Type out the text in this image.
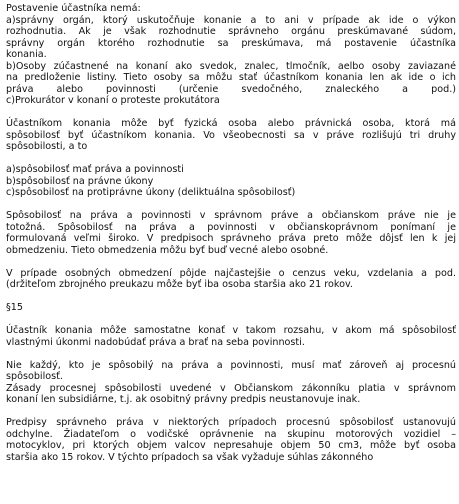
Postavenie účastníka nemá:
a)správny orgán, ktorý uskutočňuje konanie a to ani v prípade ak ide o výkon
rozhodnutia. Ak je však rozhodnutie správneho orgánu preskúmavané súdom,
správny orgán ktorého rozhodnutie sa preskúmava, má postavenie účastníka
konania.
b)Osoby zúčastnené na konaní ako svedok, znalec, tlmočník, aelbo osoby zaviazané
na predloženie listiny. Tieto osoby sa môžu stať účastníkom konania len ak ide o ich
práva alebo povinnosti (určenie svedočného, znaleckého a pod.)
c)Prokurátor v konaní o proteste prokutátora
Účastníkom konania môže byť fyzická osoba alebo právnická osoba, ktorá má
spôsobilosť byť účastníkom konania. Vo všeobecnosti sa v práve rozlišujú tri druhy
spôsobilosti, a to
a)spôsobilosť mať práva a povinnosti
b)spôsobilosť na právne úkony
c)spôsobilosť na protiprávne úkony (deliktuálna spôsobilosť)
Spôsobilosť na práva a povinnosti v správnom práve a občianskom práve nie je
totožná. Spôsobilosť na práva a povinnosti v občianskoprávnom ponímaní je
formulovaná veľmi široko. V predpisoch správneho práva preto môže dôjsť len k jej
obmedzeniu. Tieto obmedzenia môžu byť buď vecné alebo osobné.
V prípade osobných obmedzení pôjde najčastejšie o cenzus veku, vzdelania a pod.
(držiteľom zbrojného preukazu môže byť iba osoba staršia ako 21 rokov.
§15
Účastník konania môže samostatne konať v takom rozsahu, v akom má spôsobilosť
vlastnými úkonmi nadobúdať práva a brať na seba povinnosti.
Nie každý, kto je spôsobilý na práva a povinnosti, musí mať zároveň aj procesnú
spôsobilosť.
Zásady procesnej spôsobilosti uvedené v Občianskom zákonníku platia v správnom
konaní len subsidiárne, t.j. ak osobitný právny predpis neustanovuje inak.
Predpisy správneho práva v niektorých prípadoch procesnú spôsobilosť ustanovujú
odchylne. Žiadateľom o vodičské oprávnenie na skupinu motorových vozidiel –
motocyklov, pri ktorých objem valcov nepresahuje objem 50 cm3, môže byť osoba
staršia ako 15 rokov. V týchto prípadoch sa však vyžaduje súhlas zákonného
